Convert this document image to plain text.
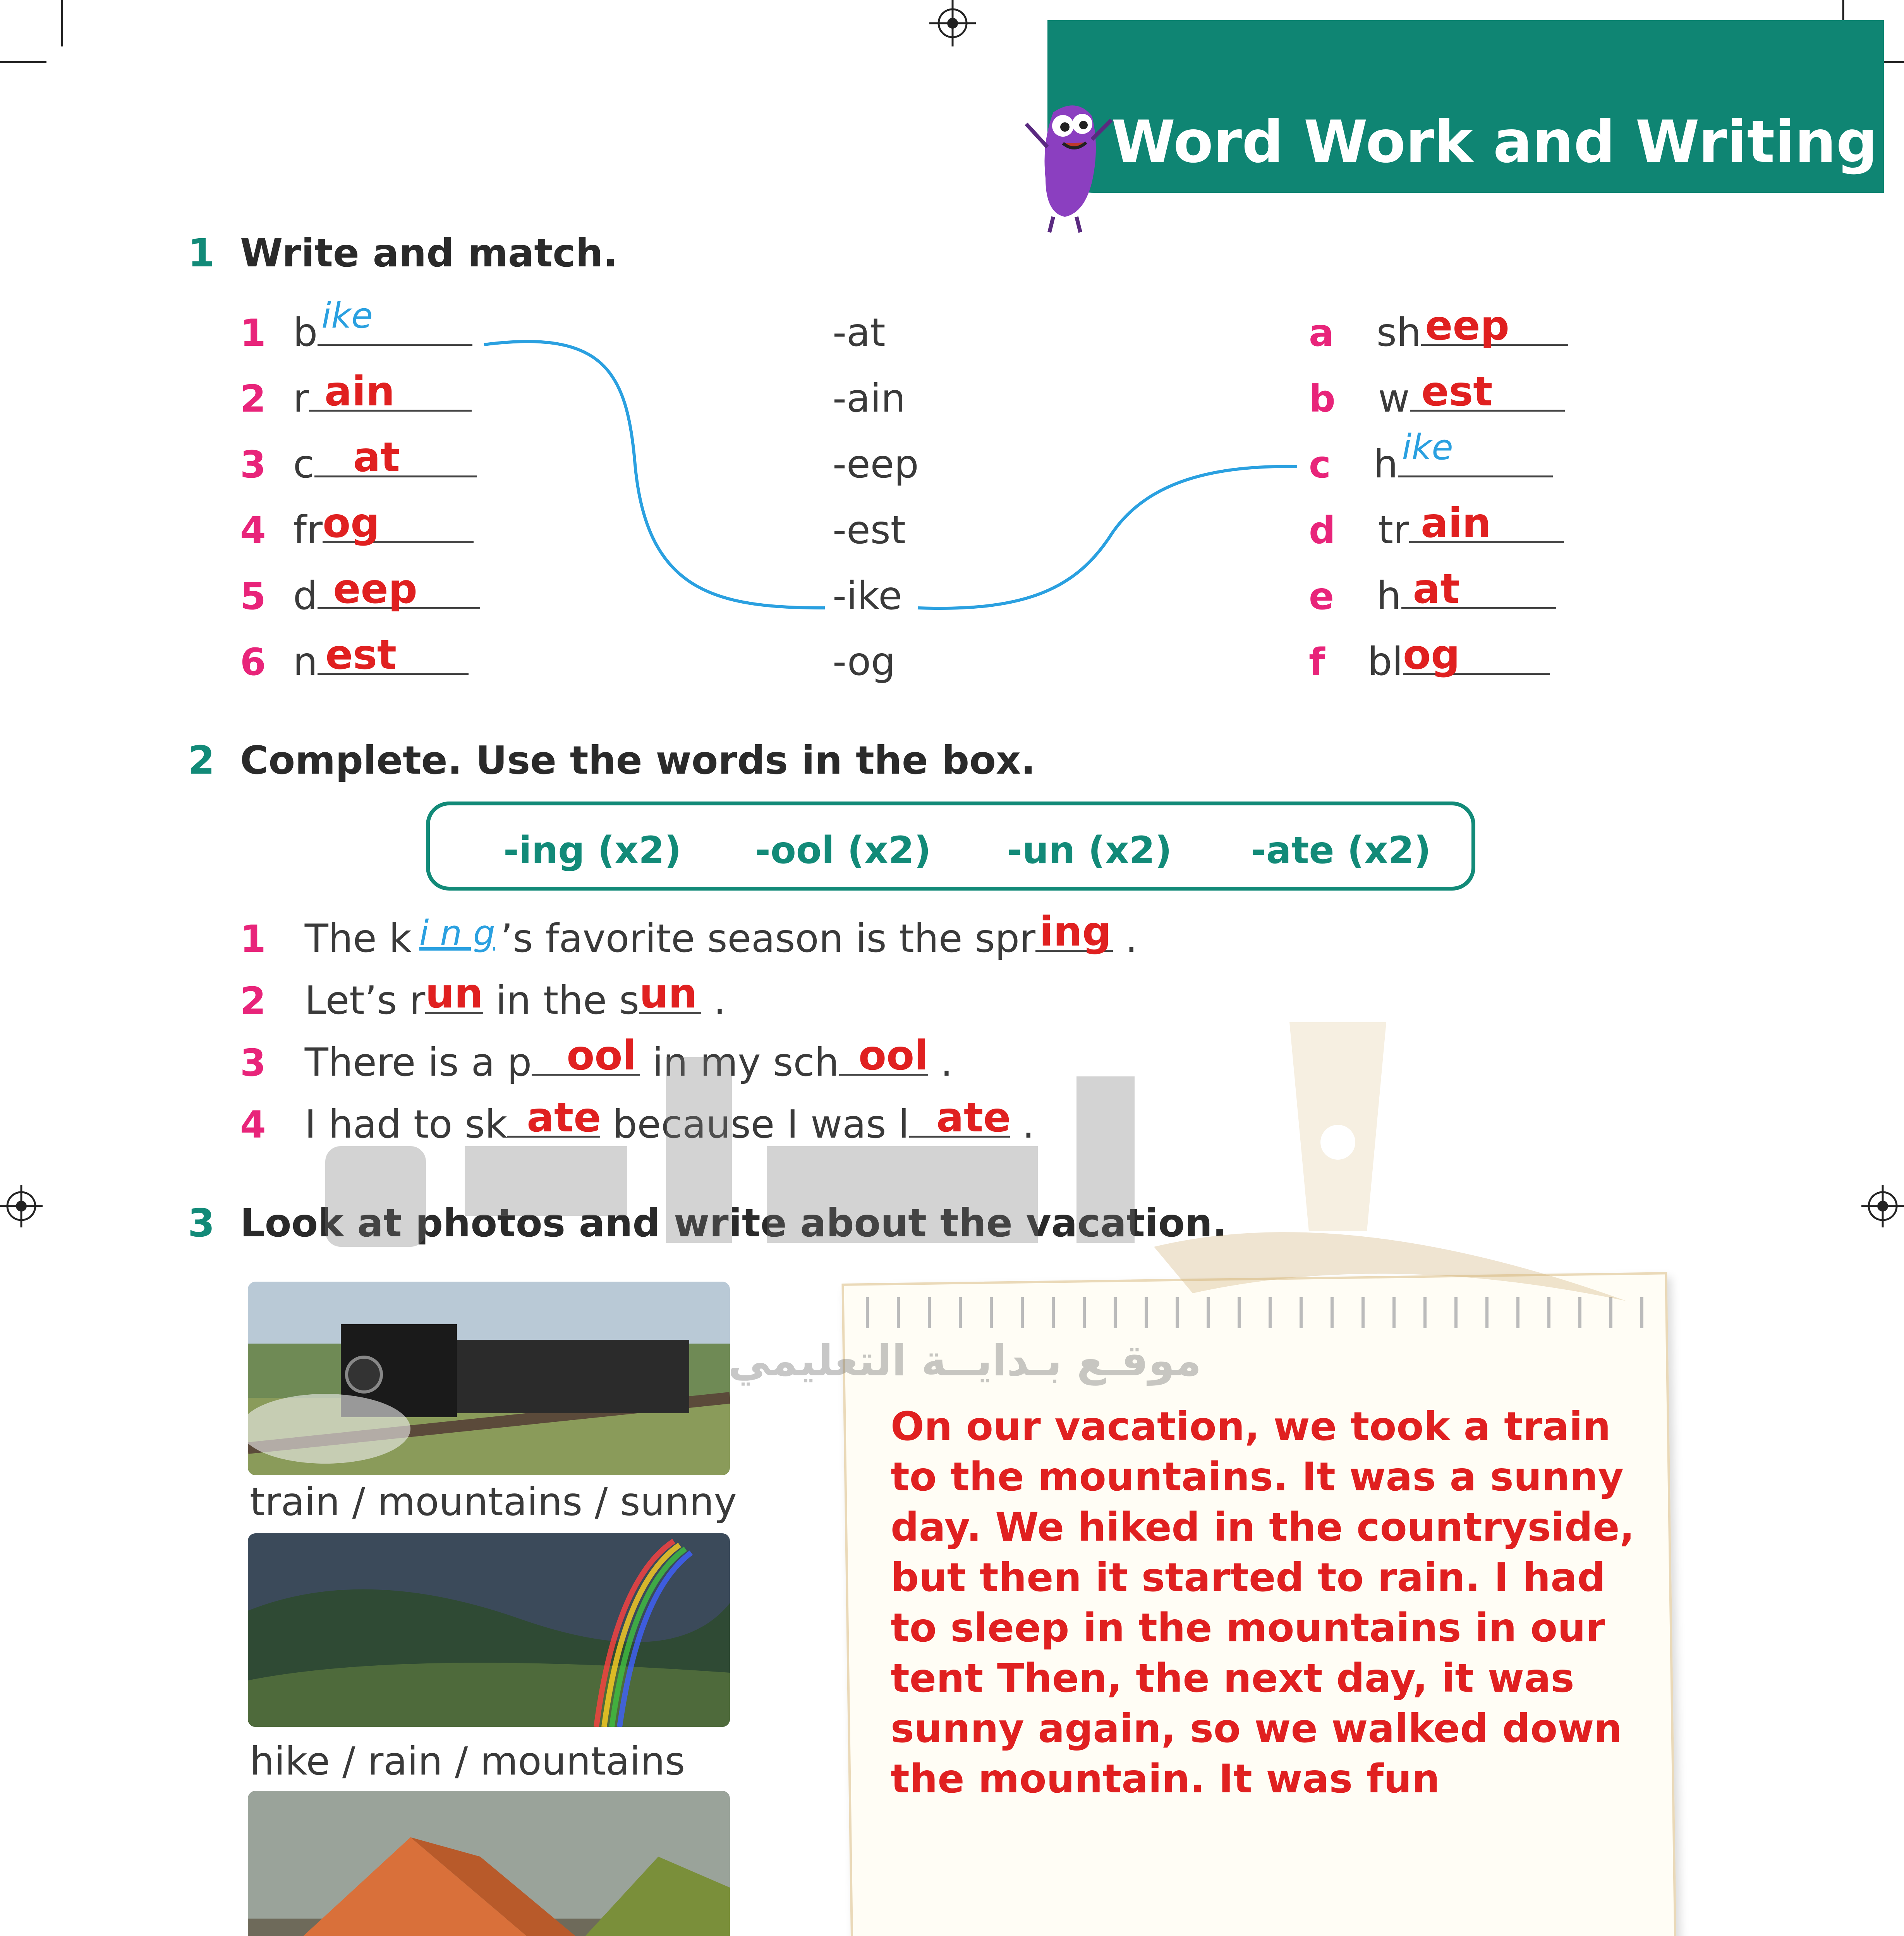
Word Work and Writing
1 Write and match.
1 b ike
2 r ain
3 c at
4 fr og
5 d eep
6 n est
-at
-ain
-eep
-est
-ike
-og
a sh eep
b w est
c h ike
d tr ain
e h at
f bl og
2 Complete. Use the words in the box.
-ing (x2) -ool (x2) -un (x2) -ate (x2)
1 The k i n g ’s favorite season is the spr ing .
2 Let’s r un in the s un .
3 There is a p ool in my sch ool .
4 I had to sk ate
because I was l ate
.
3 Look at photos and write about the vacation.
train / mountains / sunny
hike / rain / mountains
On our vacation, we took a train to the mountains. It was a sunny day. We hiked in the countryside, but then it started to rain. I had to sleep in the mountains in our tent Then, the next day, it was sunny again, so we walked down the mountain. It was fun
موقـع بـدايــة التعليمي
